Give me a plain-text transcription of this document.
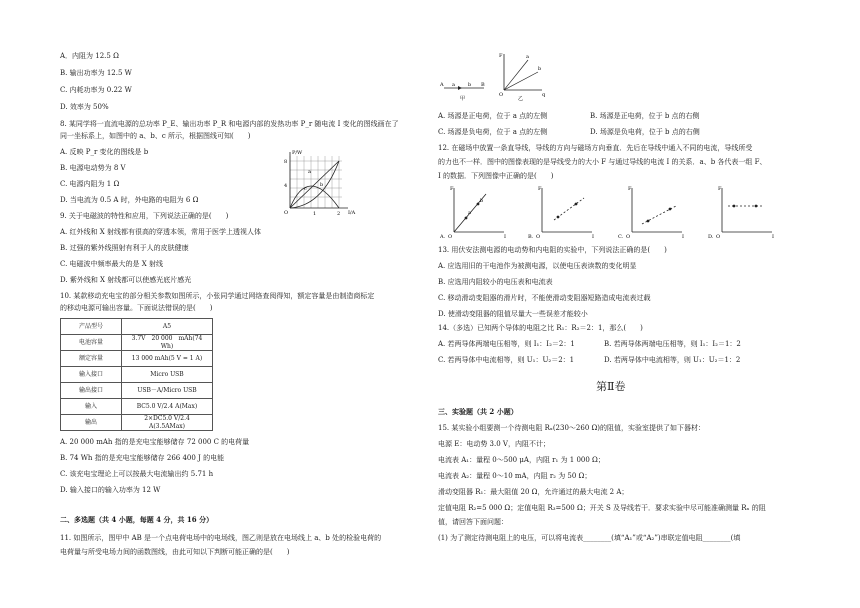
A．内阻为 12.5 Ω
B. 输出功率为 12.5 W
C. 内耗功率为 0.22 W
D. 效率为 50%
8. 某同学将一直流电源的总功率 P_E、输出功率 P_R 和电源内部的发热功率 P_r 随电流 I 变化的图线画在了
同一坐标系上，如图中的 a、b、c 所示，根据图线可知(　　)
A. 反映 P_r 变化的图线是 b
B. 电源电动势为 8 V
C. 电源内阻为 1 Ω
D. 当电流为 0.5 A 时，外电路的电阻为 6 Ω
P/W
I/A
8
4
O	1	2
a
b
c
9. 关于电磁波的特性和应用，下列说法正确的是(　　)
A. 红外线和 X 射线都有很高的穿透本领，常用于医学上透视人体
B. 过强的紫外线照射有利于人的皮肤健康
C. 电磁波中频率最大的是 X 射线
D. 紫外线和 X 射线都可以使感光底片感光
10. 某款移动充电宝的部分相关参数如图所示，小张同学通过网络查阅得知，额定容量是由制造商标定
的移动电源可输出容量。下面说法错误的是(　　)
产品型号	A5
电池容量	3.7V　20 000　mAh(74 Wh)
额定容量	13 000 mAh(5 V = 1 A)
输入接口	Micro USB
输出接口	USB－A/Micro USB
输入	BC5.0 V/2.4 A(Max)
输出	2×DC5.0 V/2.4 A(3.5AMax)
A. 20 000 mAh 指的是充电宝能够储存 72 000 C 的电荷量
B. 74 Wh 指的是充电宝能够储存 266 400 J 的电能
C. 该充电宝理论上可以按最大电流输出约 5.71 h
D. 输入接口的输入功率为 12 W
二、多选题（共 4 小题，每题 4 分，共 16 分）
11. 如图所示，图甲中 AB 是一个点电荷电场中的电场线，图乙则是放在电场线上 a、b 处的检验电荷的
电荷量与所受电场力间的函数图线，由此可知以下判断可能正确的是(　　)
A a	b B
甲
F
O	q
a
b
乙
A. 场源是正电荷，位于 a 点的左侧	B. 场源是正电荷，位于 b 点的右侧
C. 场源是负电荷，位于 a 点的左侧	D. 场源是负电荷，位于 b 点的右侧
12. 在磁场中放置一条直导线，导线的方向与磁场方向垂直．先后在导线中通入不同的电流，导线所受
的力也不一样．图中的图像表现的是导线受力的大小 F 与通过导线的电流 I 的关系．a、b 各代表一组 F、
I 的数据．下列图像中正确的是(　　)
A.	B.	C.	D.
F	F	F	F
I	I	I	I
O	O	O	O
a
b
13. 用伏安法测电源的电动势和内电阻的实验中，下列说法正确的是(　　)
A. 应选用旧的干电池作为被测电源，以使电压表读数的变化明显
B. 应选用内阻较小的电压表和电流表
C. 移动滑动变阻器的滑片时，不能使滑动变阻器短路造成电流表过载
D. 使滑动变阻器的阻值尽量大一些误差才能较小
14.（多选）已知两个导体的电阻之比 R₁：R₂＝2：1，那么(　　)
A. 若两导体两端电压相等，则 I₁：I₂＝2：1	B. 若两导体两端电压相等，则 I₁：I₂＝1：2
C. 若两导体中电流相等，则 U₁：U₂＝2：1	D. 若两导体中电流相等，则 U₁：U₂＝1：2
三、实验题（共 2 小题）
15. 某实验小组要测一个待测电阻 Rₓ(230～260 Ω)的阻值，实验室提供了如下器材：
电源 E：电动势 3.0 V，内阻不计；
电流表 A₁：量程 0～500 μA，内阻 r₁ 为 1 000 Ω；
电流表 A₂：量程 0～10 mA，内阻 r₂ 为 50 Ω；
滑动变阻器 R₁：最大阻值 20 Ω，允许通过的最大电流 2 A；
定值电阻 R₂=5 000 Ω；定值电阻 R₃=500 Ω；开关 S 及导线若干．要求实验中尽可能准确测量 Rₓ 的阻
值，请回答下面问题：
(1) 为了测定待测电阻上的电压，可以将电流表________(填“A₁”或“A₂”)串联定值电阻________(填
第Ⅱ卷
